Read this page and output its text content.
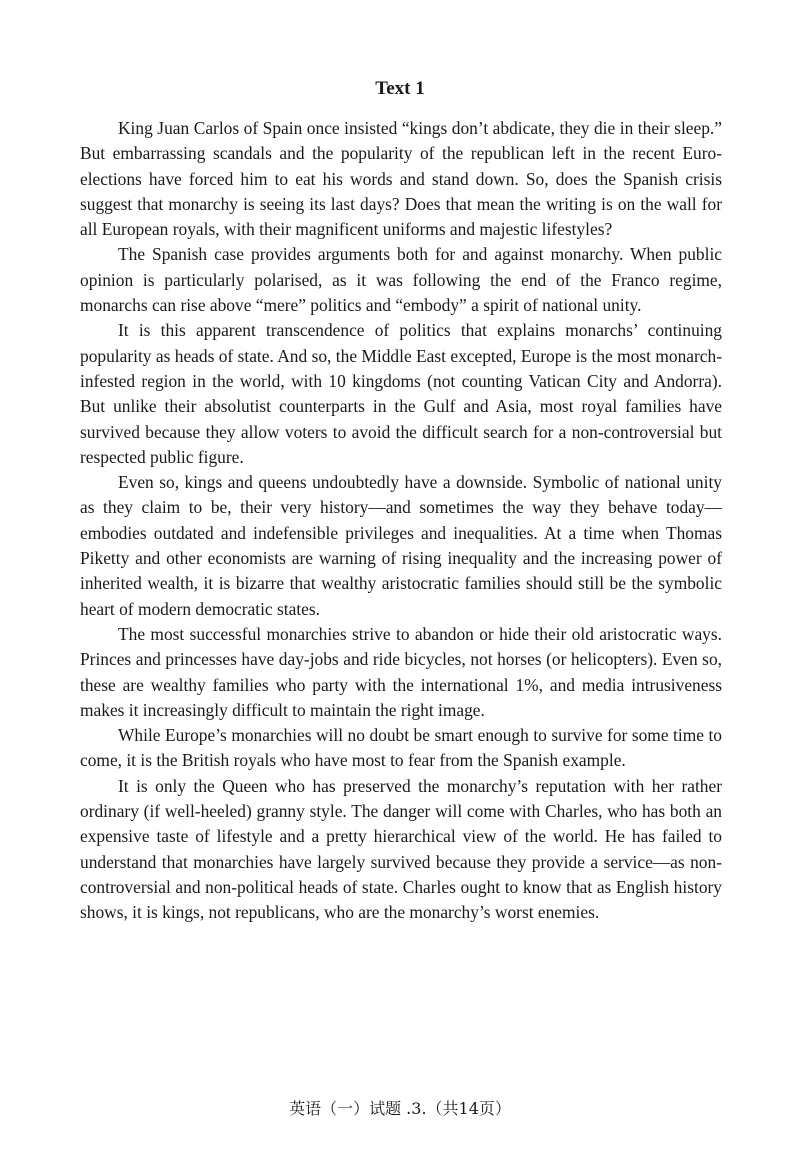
Text 1

King Juan Carlos of Spain once insisted “kings don’t abdicate, they die in their sleep.” But embarrassing scandals and the popularity of the republican left in the recent Euro-elections have forced him to eat his words and stand down. So, does the Spanish crisis suggest that monarchy is seeing its last days? Does that mean the writing is on the wall for all European royals, with their magnificent uniforms and majestic lifestyles?

The Spanish case provides arguments both for and against monarchy. When public opinion is particularly polarised, as it was following the end of the Franco regime, monarchs can rise above “mere” politics and “embody” a spirit of national unity.

It is this apparent transcendence of politics that explains monarchs’ continuing popularity as heads of state. And so, the Middle East excepted, Europe is the most monarch-infested region in the world, with 10 kingdoms (not counting Vatican City and Andorra). But unlike their absolutist counterparts in the Gulf and Asia, most royal families have survived because they allow voters to avoid the difficult search for a non-controversial but respected public figure.

Even so, kings and queens undoubtedly have a downside. Symbolic of national unity as they claim to be, their very history—and sometimes the way they behave today—embodies outdated and indefensible privileges and inequalities. At a time when Thomas Piketty and other economists are warning of rising inequality and the increasing power of inherited wealth, it is bizarre that wealthy aristocratic families should still be the symbolic heart of modern democratic states.

The most successful monarchies strive to abandon or hide their old aristocratic ways. Princes and princesses have day-jobs and ride bicycles, not horses (or helicopters). Even so, these are wealthy families who party with the international 1%, and media intrusiveness makes it increasingly difficult to maintain the right image.

While Europe’s monarchies will no doubt be smart enough to survive for some time to come, it is the British royals who have most to fear from the Spanish example.

It is only the Queen who has preserved the monarchy’s reputation with her rather ordinary (if well-heeled) granny style. The danger will come with Charles, who has both an expensive taste of lifestyle and a pretty hierarchical view of the world. He has failed to understand that monarchies have largely survived because they provide a service—as non-controversial and non-political heads of state. Charles ought to know that as English history shows, it is kings, not republicans, who are the monarchy’s worst enemies.

英语（一）试题 .3.（共14页）
